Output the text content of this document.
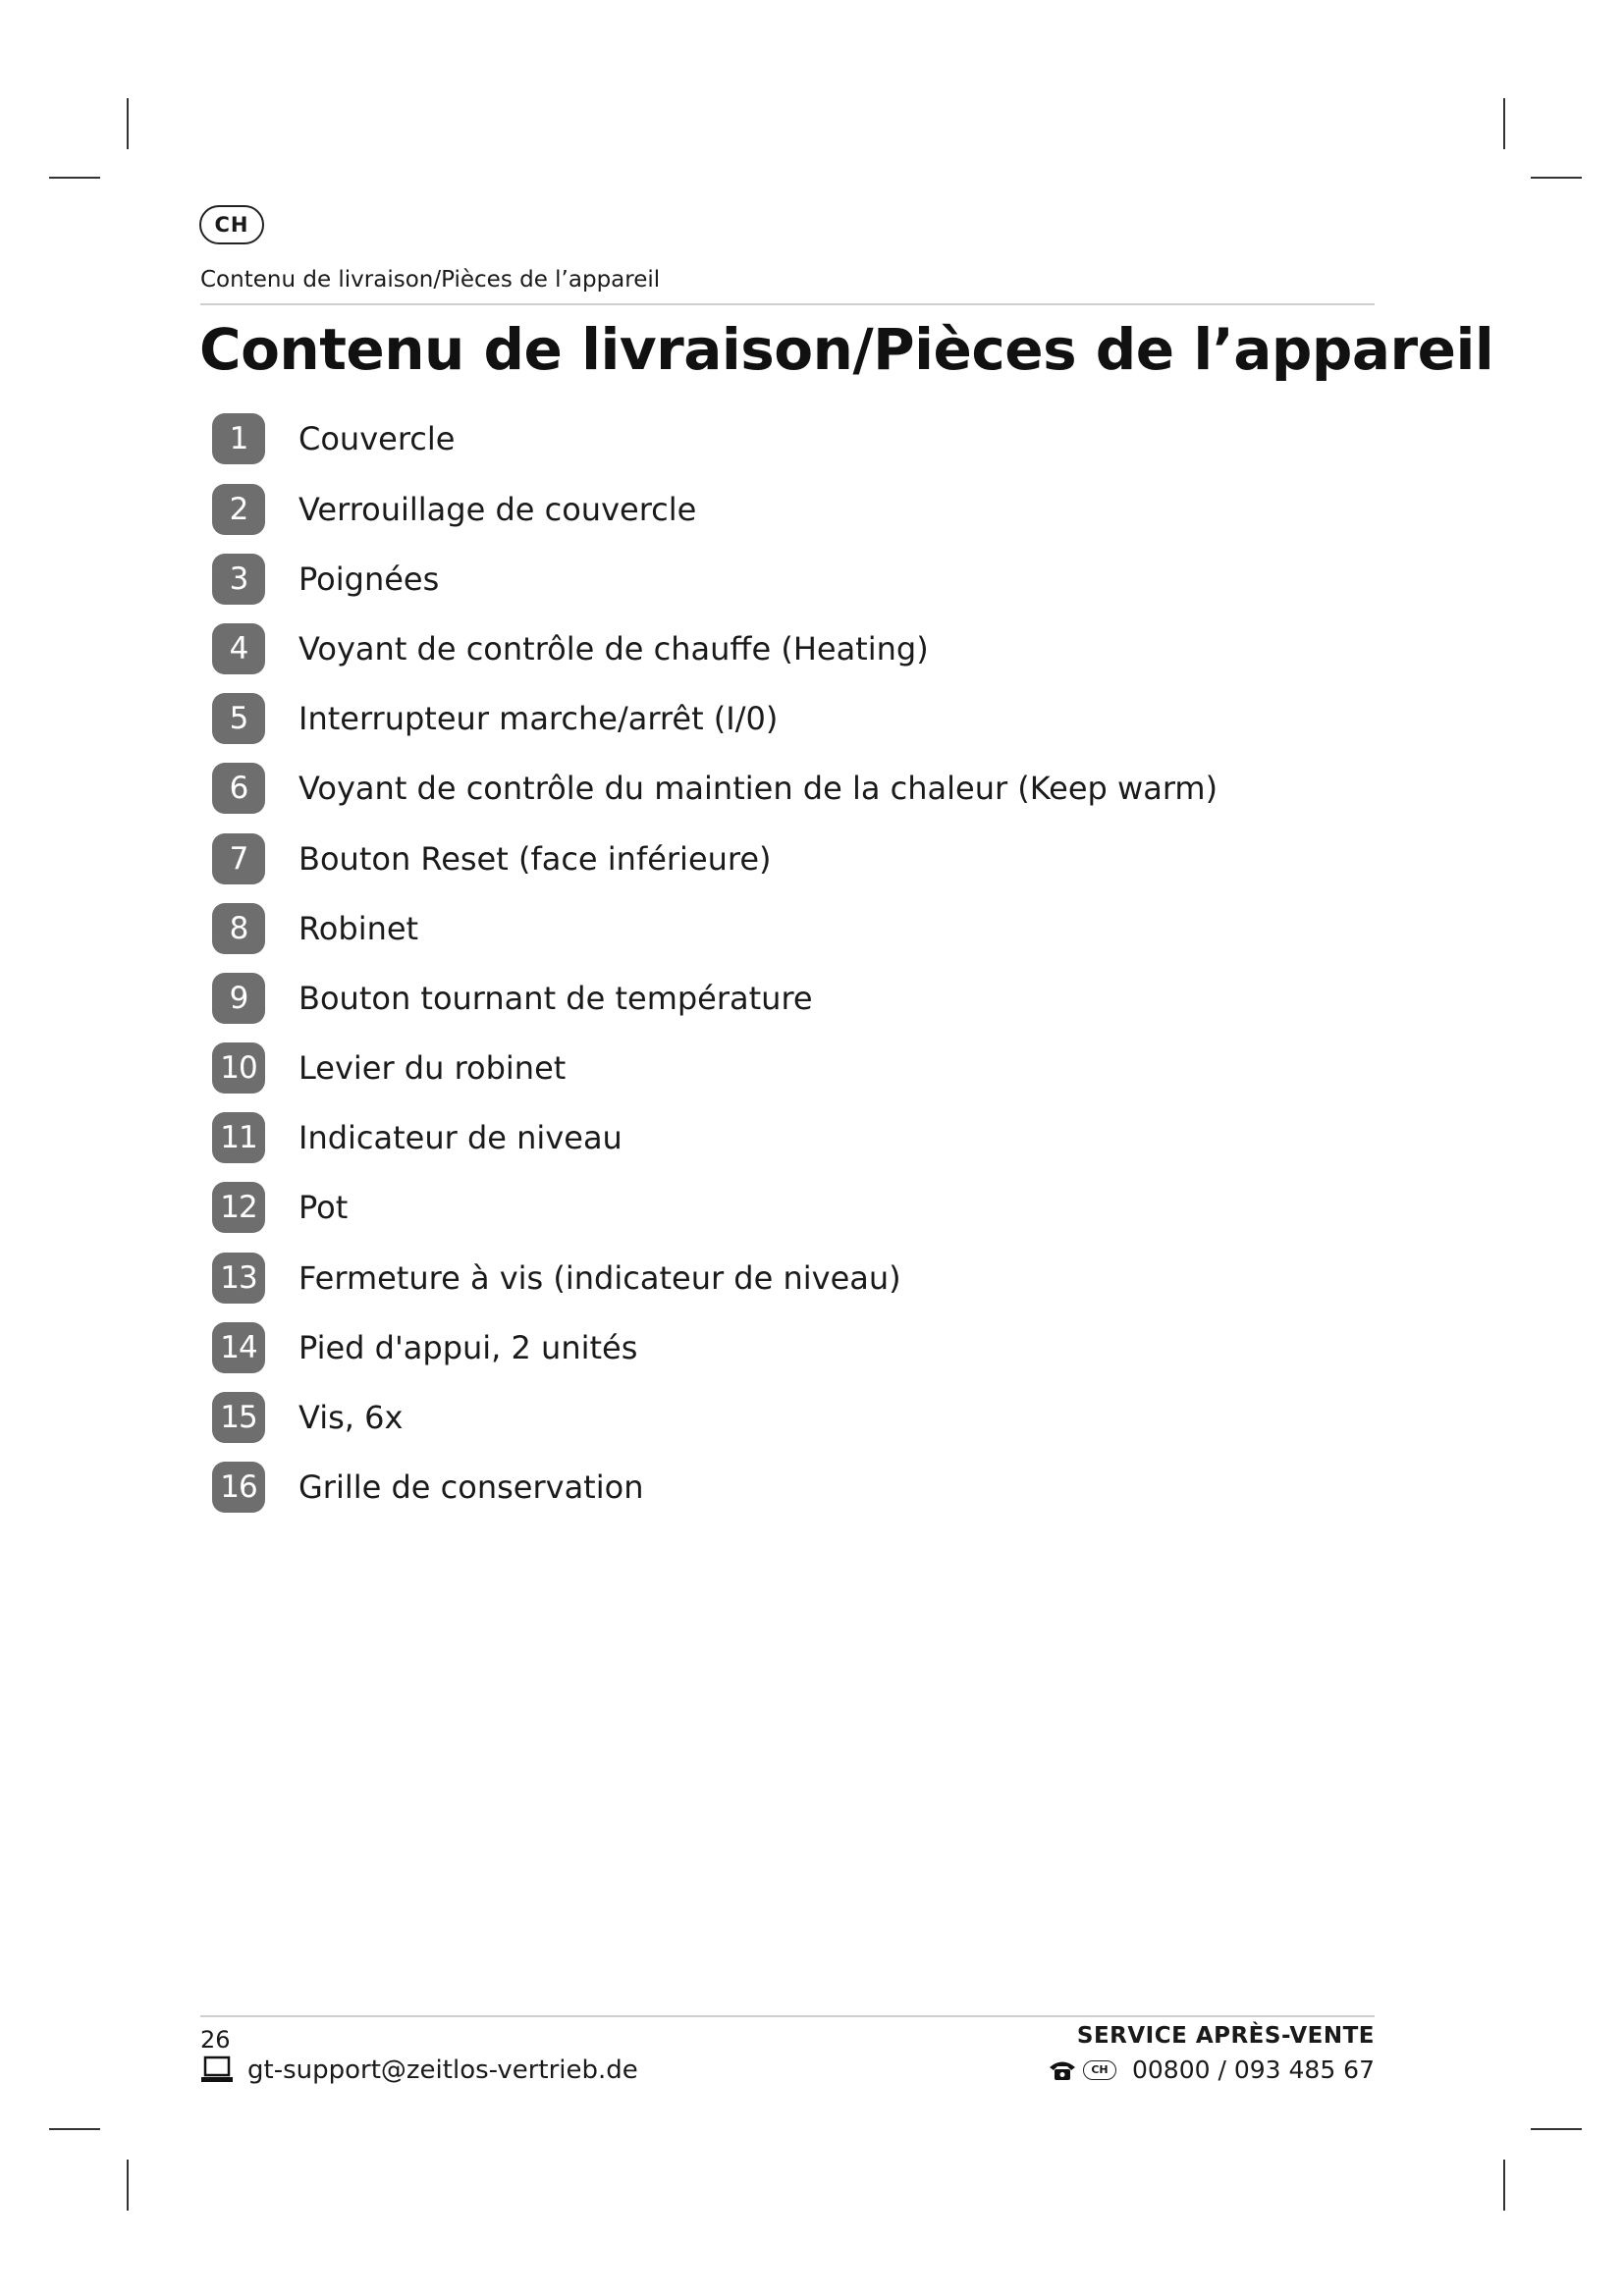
CH
Contenu de livraison/Pièces de l’appareil
Contenu de livraison/Pièces de l’appareil
1	Couvercle
2	Verrouillage de couvercle
3	Poignées
4	Voyant de contrôle de chauffe (Heating)
5	Interrupteur marche/arrêt (I/0)
6	Voyant de contrôle du maintien de la chaleur (Keep warm)
7	Bouton Reset (face inférieure)
8	Robinet
9	Bouton tournant de température
10 Levier du robinet
11 Indicateur de niveau
12 Pot
13 Fermeture à vis (indicateur de niveau)
14 Pied d'appui, 2 unités
15 Vis, 6x
16 Grille de conservation
26
gt-support@zeitlos-vertrieb.de
SERVICE APRÈS-VENTE
CH 00800 / 093 485 67
